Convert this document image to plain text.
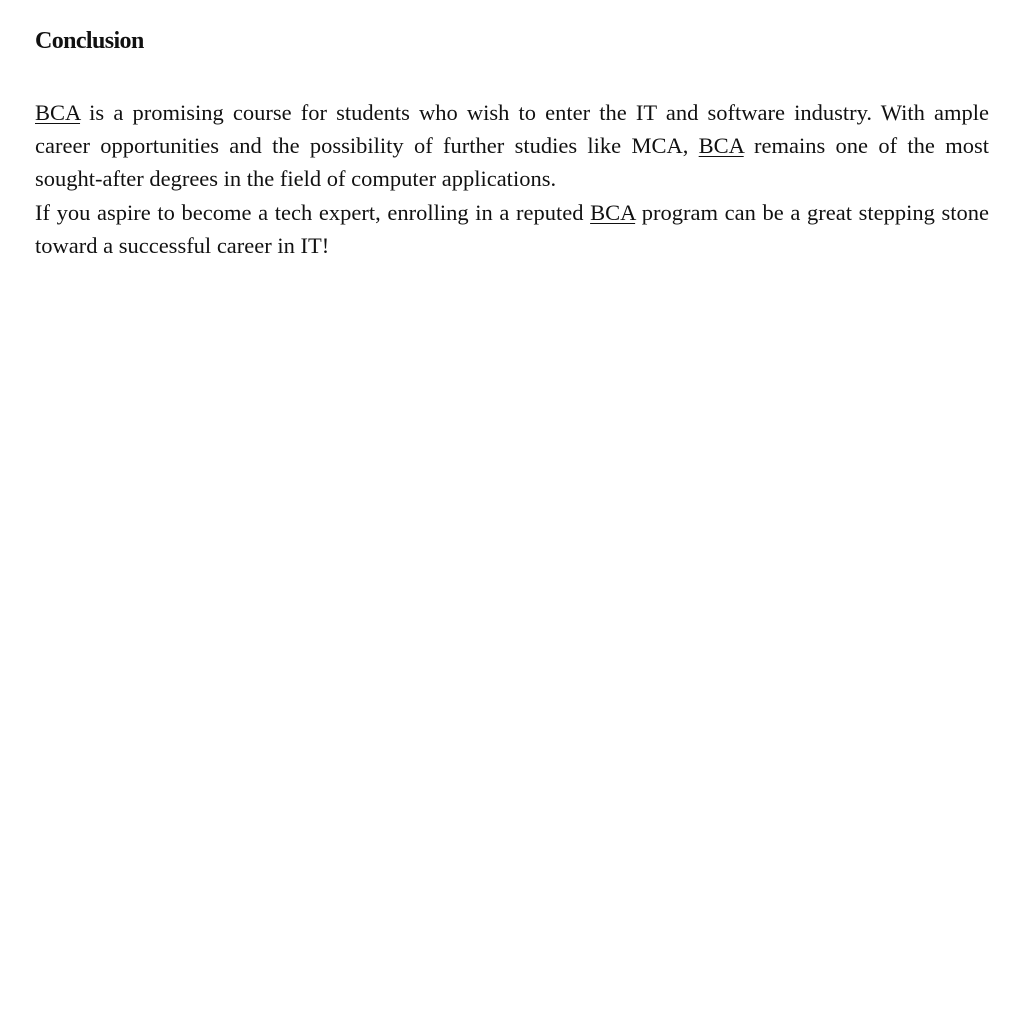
Conclusion

BCA is a promising course for students who wish to enter the IT and software industry. With ample career opportunities and the possibility of further studies like MCA, BCA remains one of the most sought-after degrees in the field of computer applications.

If you aspire to become a tech expert, enrolling in a reputed BCA program can be a great stepping stone toward a successful career in IT!
